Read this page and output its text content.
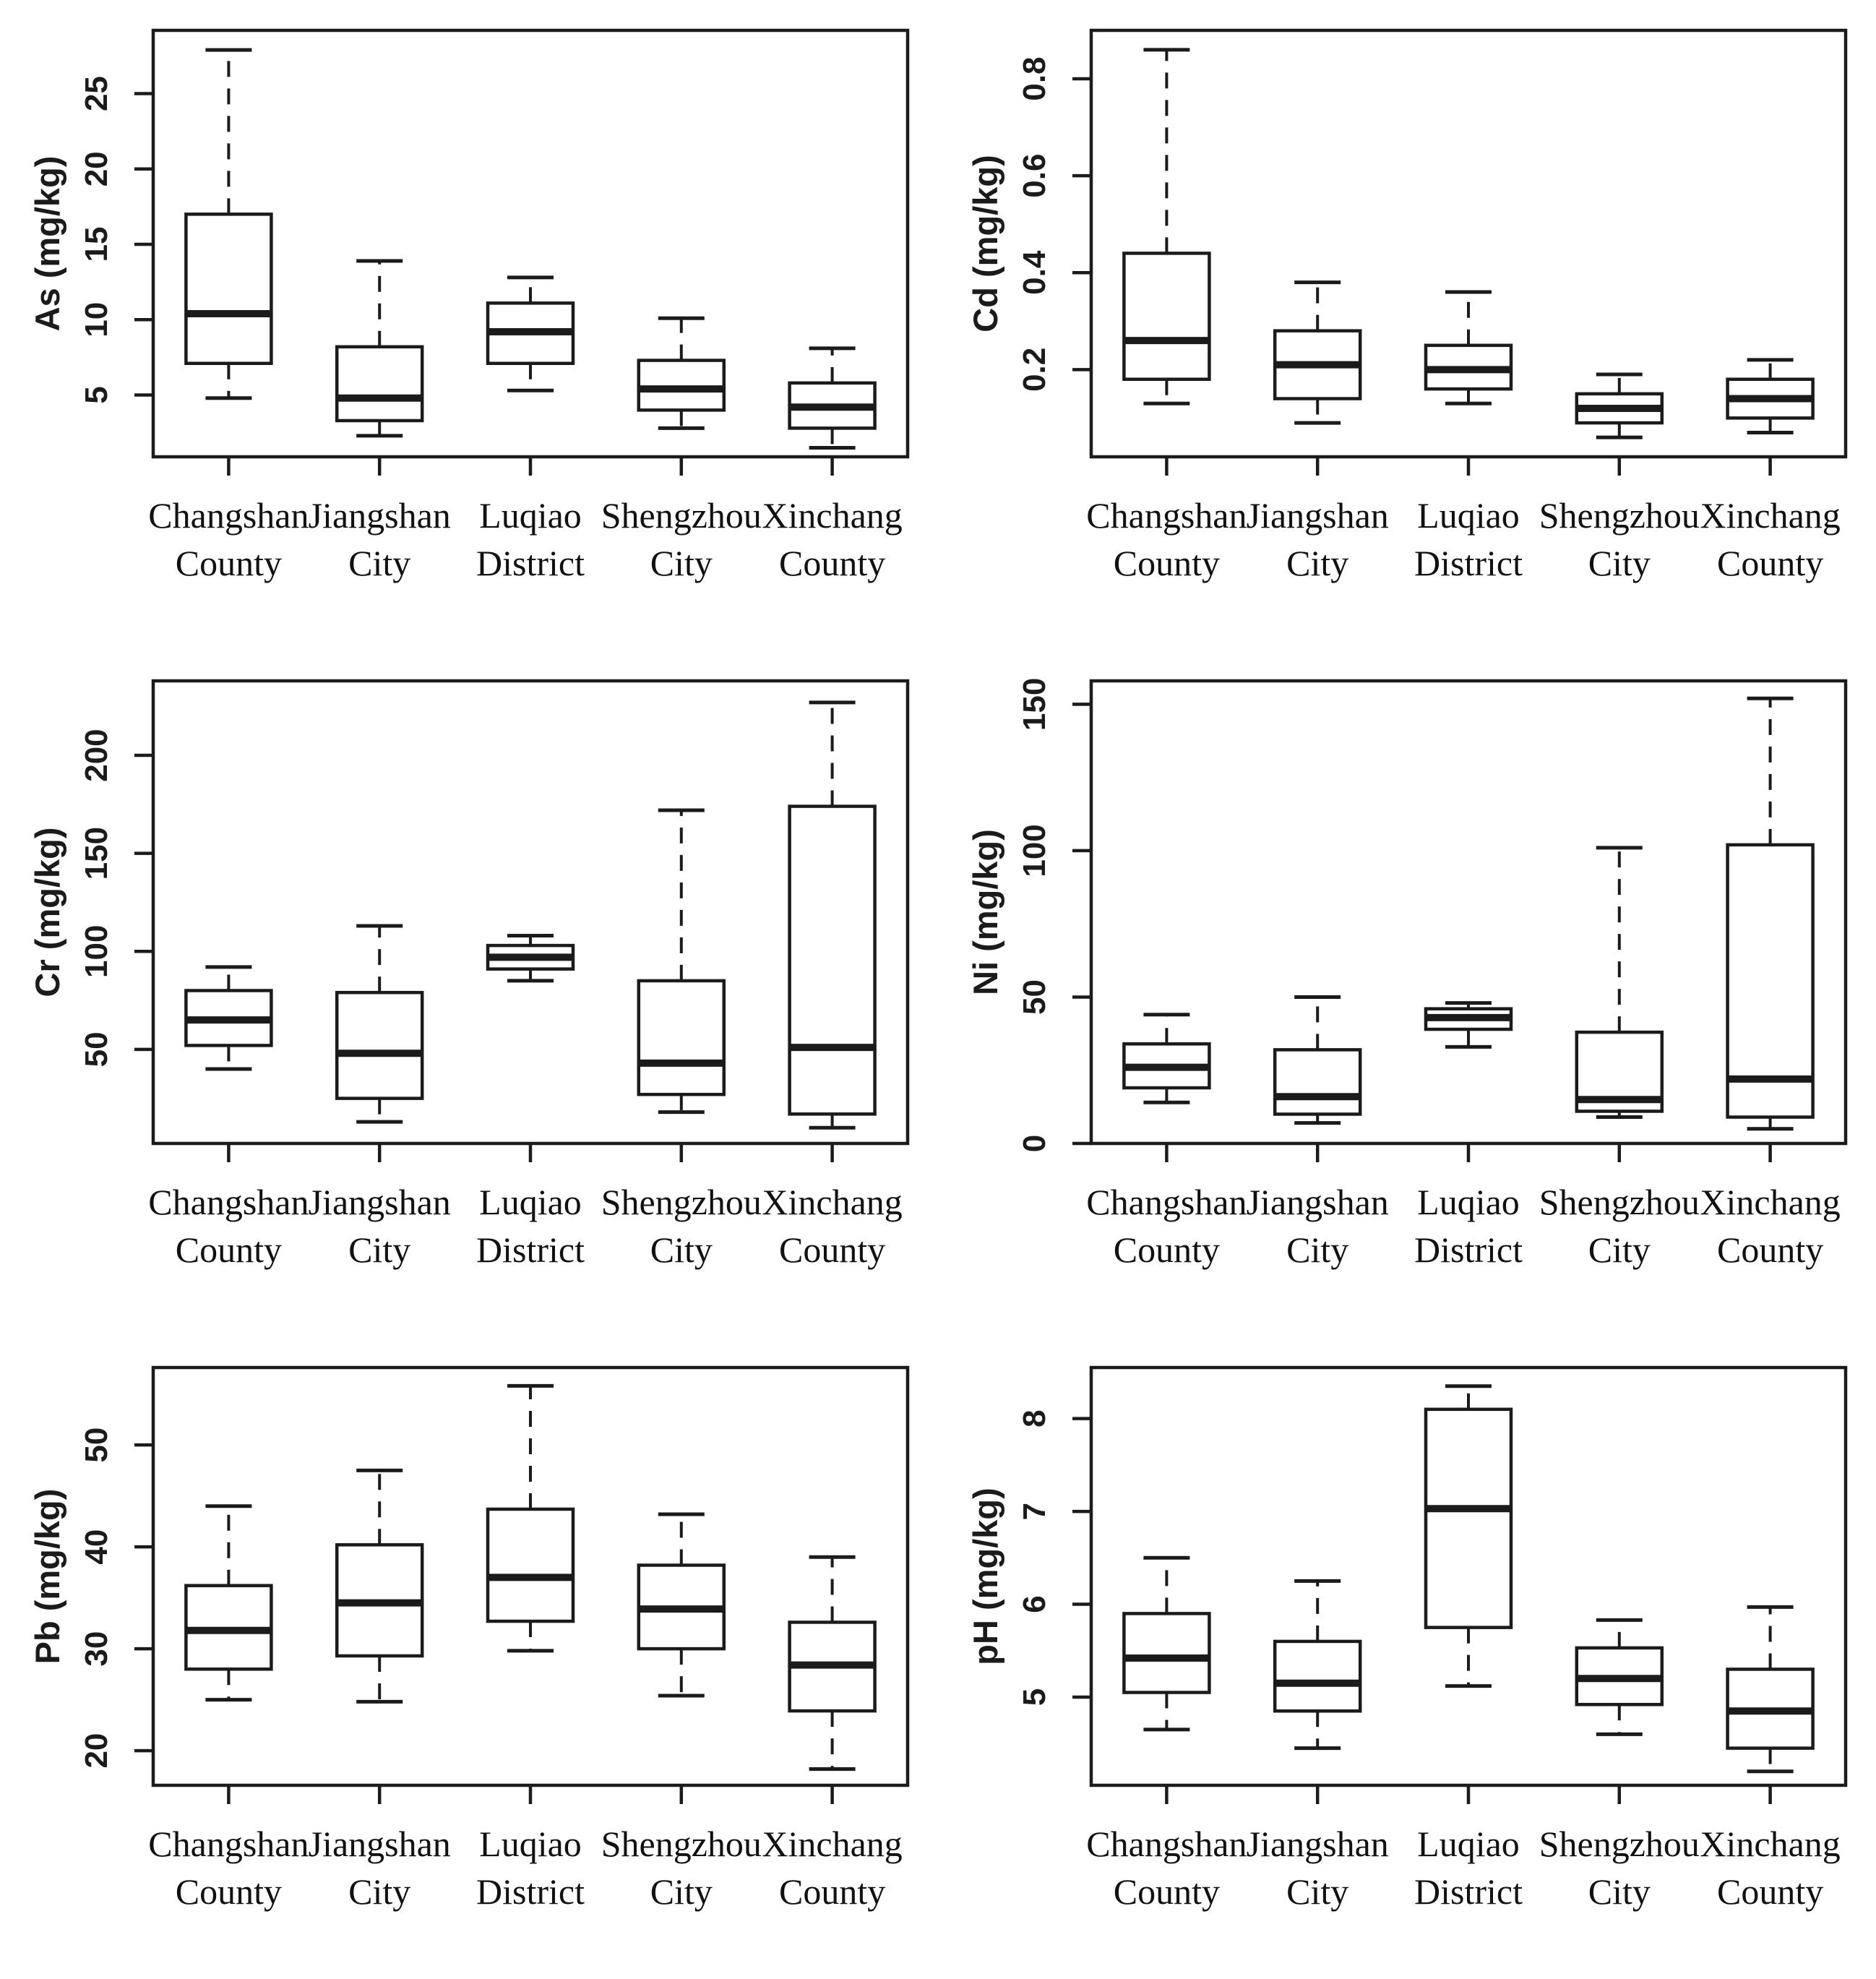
As (mg/kg)
5
10
15
20
25
Changshan
County
Jiangshan
City
Luqiao
District
Shengzhou
City
Xinchang
County
Cd (mg/kg)
0.2
0.4
0.6
0.8
Changshan
County
Jiangshan
City
Luqiao
District
Shengzhou
City
Xinchang
County
Cr (mg/kg)
50
100
150
200
Changshan
County
Jiangshan
City
Luqiao
District
Shengzhou
City
Xinchang
County
Ni (mg/kg)
0
50
100
150
Changshan
County
Jiangshan
City
Luqiao
District
Shengzhou
City
Xinchang
County
Pb (mg/kg)
20
30
40
50
Changshan
County
Jiangshan
City
Luqiao
District
Shengzhou
City
Xinchang
County
pH (mg/kg)
5
6
7
8
Changshan
County
Jiangshan
City
Luqiao
District
Shengzhou
City
Xinchang
County
